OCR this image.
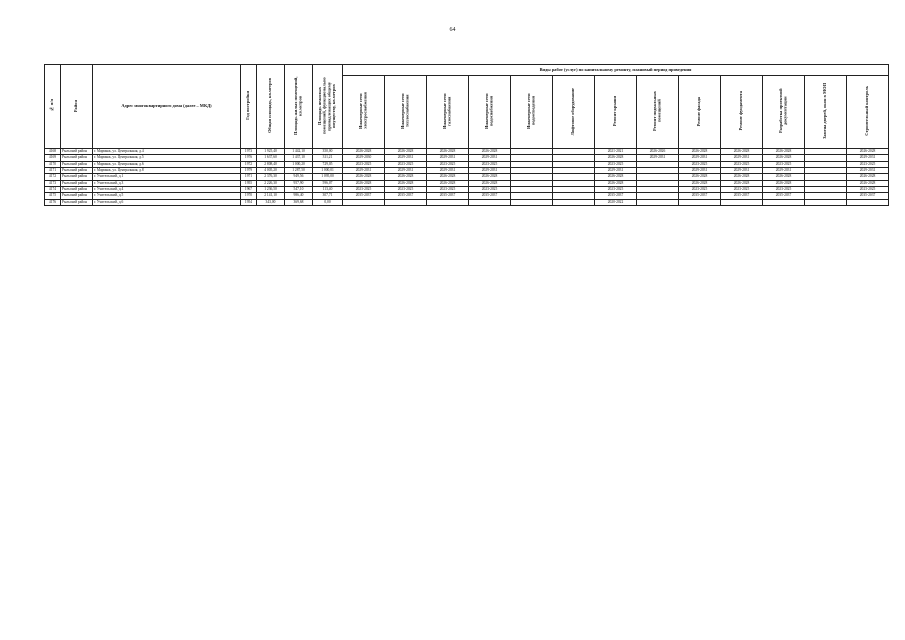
64
№ п/п	Район	Адрес многоквартирного дома (далее – МКД)	Год постройки	Общая площадь, кв.метров	Площадь жилых помещений, кв.метров	Площадь нежилых помещений, функционально принадлежащих общему имуществу, кв.метров	Виды работ (услуг) по капитальному ремонту, плановый период проведения												
							Инженерные сети электроснабжения	Инженерные сети теплоснабжения	Инженерные сети газоснабжения	Инженерные сети водоснабжения	Инженерные сети водоотведения	Лифтовое оборудование	Ремонт крыши	Ремонт подвальных помещений	Ремонт фасада	Ремонт фундамента	Разработка проектной документации	Замена дверей, окон в МОП	Строительный контроль
4168	Рыльский район	г. Мармыж, ул. Центральная, д.4	1973	1 925,40	1 442,10	350,00	2026-2028	2026-2028	2026-2028	2026-2028			2021-2021	2026-2026	2026-2028	2026-2028	2026-2028		2026-2028
4169	Рыльский район	г. Мармыж, ул. Центральная, д.5	1976	1 637,60	1 437,10	311,21	2029-2030	2029-2031	2029-2031	2029-2031			2026-2028	2029-2031	2029-2031	2029-2031	2026-2028		2029-2031
4170	Рыльский район	г. Мармыж, ул. Центральная, д.6	1972	2 808,40	1 000,20	729,05	2023-2025	2023-2025	2023-2025	2023-2025			2023-2025		2023-2025	2023-2025	2023-2025		2023-2025
4171	Рыльский район	г. Мармыж, ул. Центральная, д.8	1979	4 005,20	1 287,50	1 000,01	2029-2031	2029-2031	2029-2031	2029-2031			2029-2031		2029-2031	2029-2031	2029-2031		2029-2031
4172	Рыльский район	г. Учительский, д.1	1971	2 376,30	949,56	1 095,00	2026-2028	2026-2028	2026-2028	2026-2028			2026-2028		2026-2028	2026-2028	2026-2028		2026-2028
4173	Рыльский район	г. Учительский, д.3	1955	2 226,30	957,90	596,07	2026-2028	2026-2028	2026-2028	2026-2028			2026-2028		2026-2028	2026-2028	2026-2028		2026-2028
4174	Рыльский район	г. Учительский, д.4	1967	1 236,50	547,10	113,40	2023-2025	2023-2025	2023-2025	2023-2025			2023-2025		2023-2025	2023-2025	2023-2025		2023-2025
4175	Рыльский район	г. Учительский, д.5	1970	2 141,10	986,40	307,71	2035-2037	2035-2037	2035-2037	2035-2037			2035-2037		2035-2037	2035-2037	2035-2037		2035-2037
4176	Рыльский район	г. Учительский, д.6	1954	343,00	369,68	0,00							2020-2022						
